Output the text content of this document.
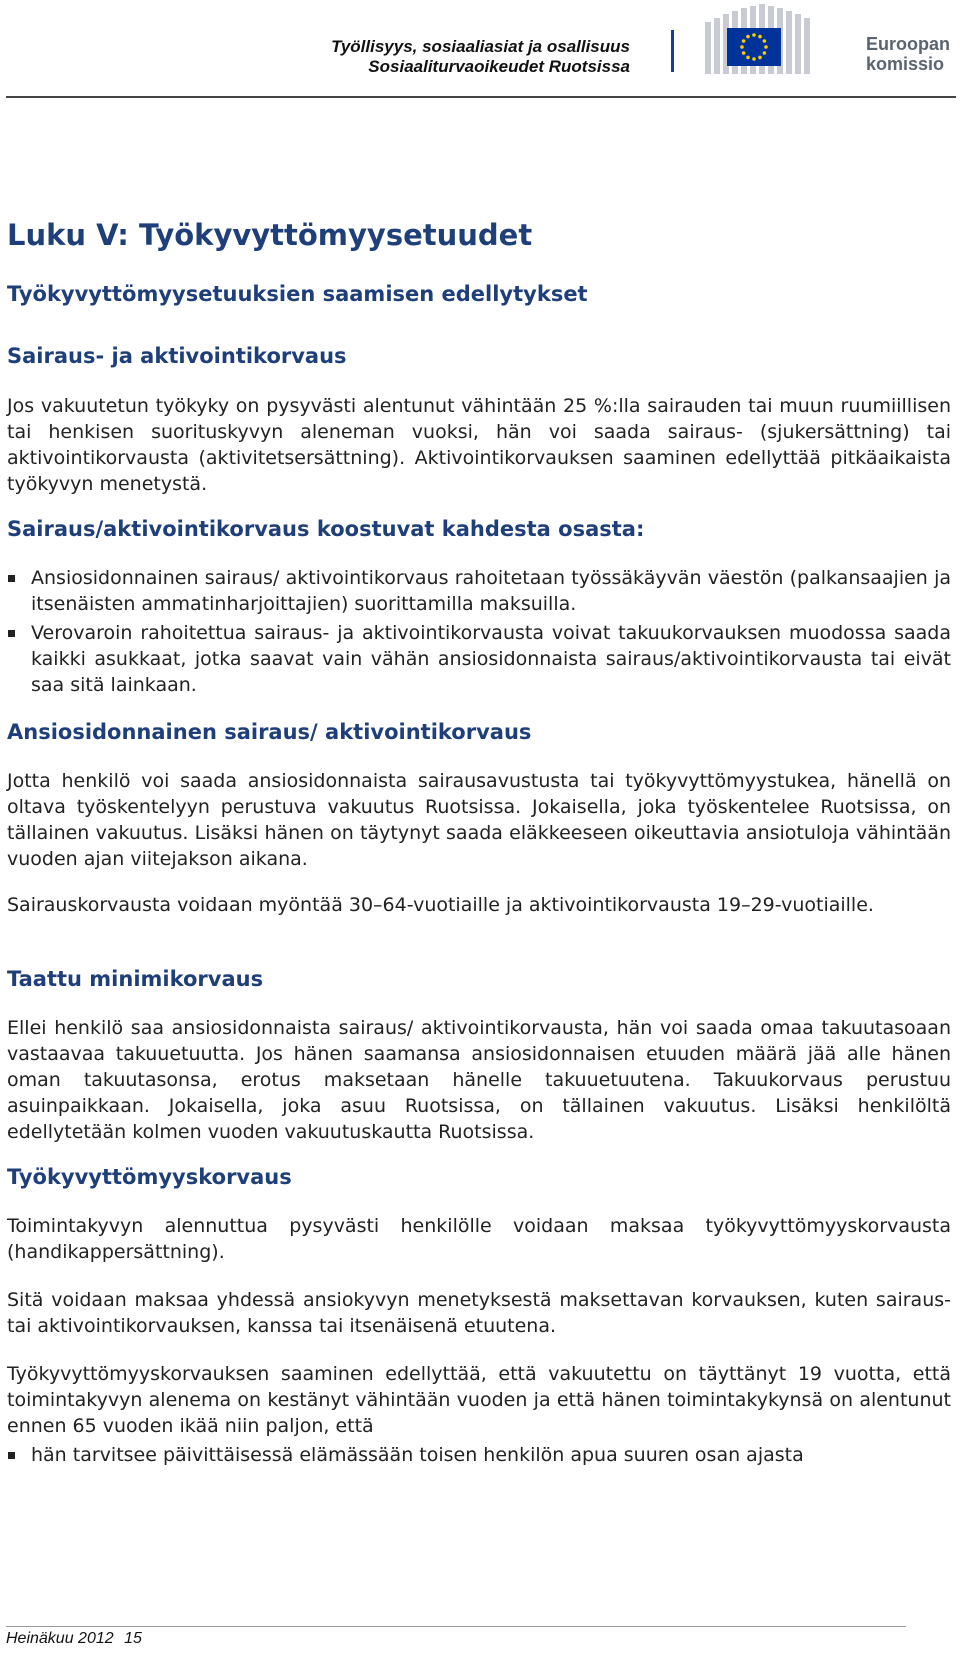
Työllisyys, sosiaaliasiat ja osallisuus
Sosiaaliturvaoikeudet Ruotsissa
Euroopan
komissio
Luku V: Työkyvyttömyysetuudet
Työkyvyttömyysetuuksien saamisen edellytykset
Sairaus- ja aktivointikorvaus

Jos vakuutetun työkyky on pysyvästi alentunut vähintään 25 %:lla sairauden tai muun ruumiillisen tai henkisen suorituskyvyn aleneman vuoksi, hän voi saada sairaus- (sjukersättning) tai aktivointikorvausta (aktivitetsersättning). Aktivointikorvauksen saaminen edellyttää pitkäaikaista työkyvyn menetystä.

Sairaus/aktivointikorvaus koostuvat kahdesta osasta:
Ansiosidonnainen sairaus/ aktivointikorvaus rahoitetaan työssäkäyvän väestön (palkansaajien ja itsenäisten ammatinharjoittajien) suorittamilla maksuilla.
Verovaroin rahoitettua sairaus- ja aktivointikorvausta voivat takuukorvauksen muodossa saada kaikki asukkaat, jotka saavat vain vähän ansiosidonnaista sairaus/aktivointikorvausta tai eivät saa sitä lainkaan.
Ansiosidonnainen sairaus/ aktivointikorvaus

Jotta henkilö voi saada ansiosidonnaista sairausavustusta tai työkyvyttömyystukea, hänellä on oltava työskentelyyn perustuva vakuutus Ruotsissa. Jokaisella, joka työskentelee Ruotsissa, on tällainen vakuutus. Lisäksi hänen on täytynyt saada eläkkeeseen oikeuttavia ansiotuloja vähintään vuoden ajan viitejakson aikana.

Sairauskorvausta voidaan myöntää 30–64-vuotiaille ja aktivointikorvausta 19–29-vuotiaille.

Taattu minimikorvaus

Ellei henkilö saa ansiosidonnaista sairaus/ aktivointikorvausta, hän voi saada omaa takuutasoaan vastaavaa takuuetuutta. Jos hänen saamansa ansiosidonnaisen etuuden määrä jää alle hänen oman takuutasonsa, erotus maksetaan hänelle takuuetuutena. Takuukorvaus perustuu asuinpaikkaan. Jokaisella, joka asuu Ruotsissa, on tällainen vakuutus. Lisäksi henkilöltä edellytetään kolmen vuoden vakuutuskautta Ruotsissa.

Työkyvyttömyyskorvaus

Toimintakyvyn alennuttua pysyvästi henkilölle voidaan maksaa työkyvyttömyyskorvausta (handikappersättning).

Sitä voidaan maksaa yhdessä ansiokyvyn menetyksestä maksettavan korvauksen, kuten sairaus- tai aktivointikorvauksen, kanssa tai itsenäisenä etuutena.

Työkyvyttömyyskorvauksen saaminen edellyttää, että vakuutettu on täyttänyt 19 vuotta, että toimintakyvyn alenema on kestänyt vähintään vuoden ja että hänen toimintakykynsä on alentunut ennen 65 vuoden ikää niin paljon, että

hän tarvitsee päivittäisessä elämässään toisen henkilön apua suuren osan ajasta
Heinäkuu 2012 15
